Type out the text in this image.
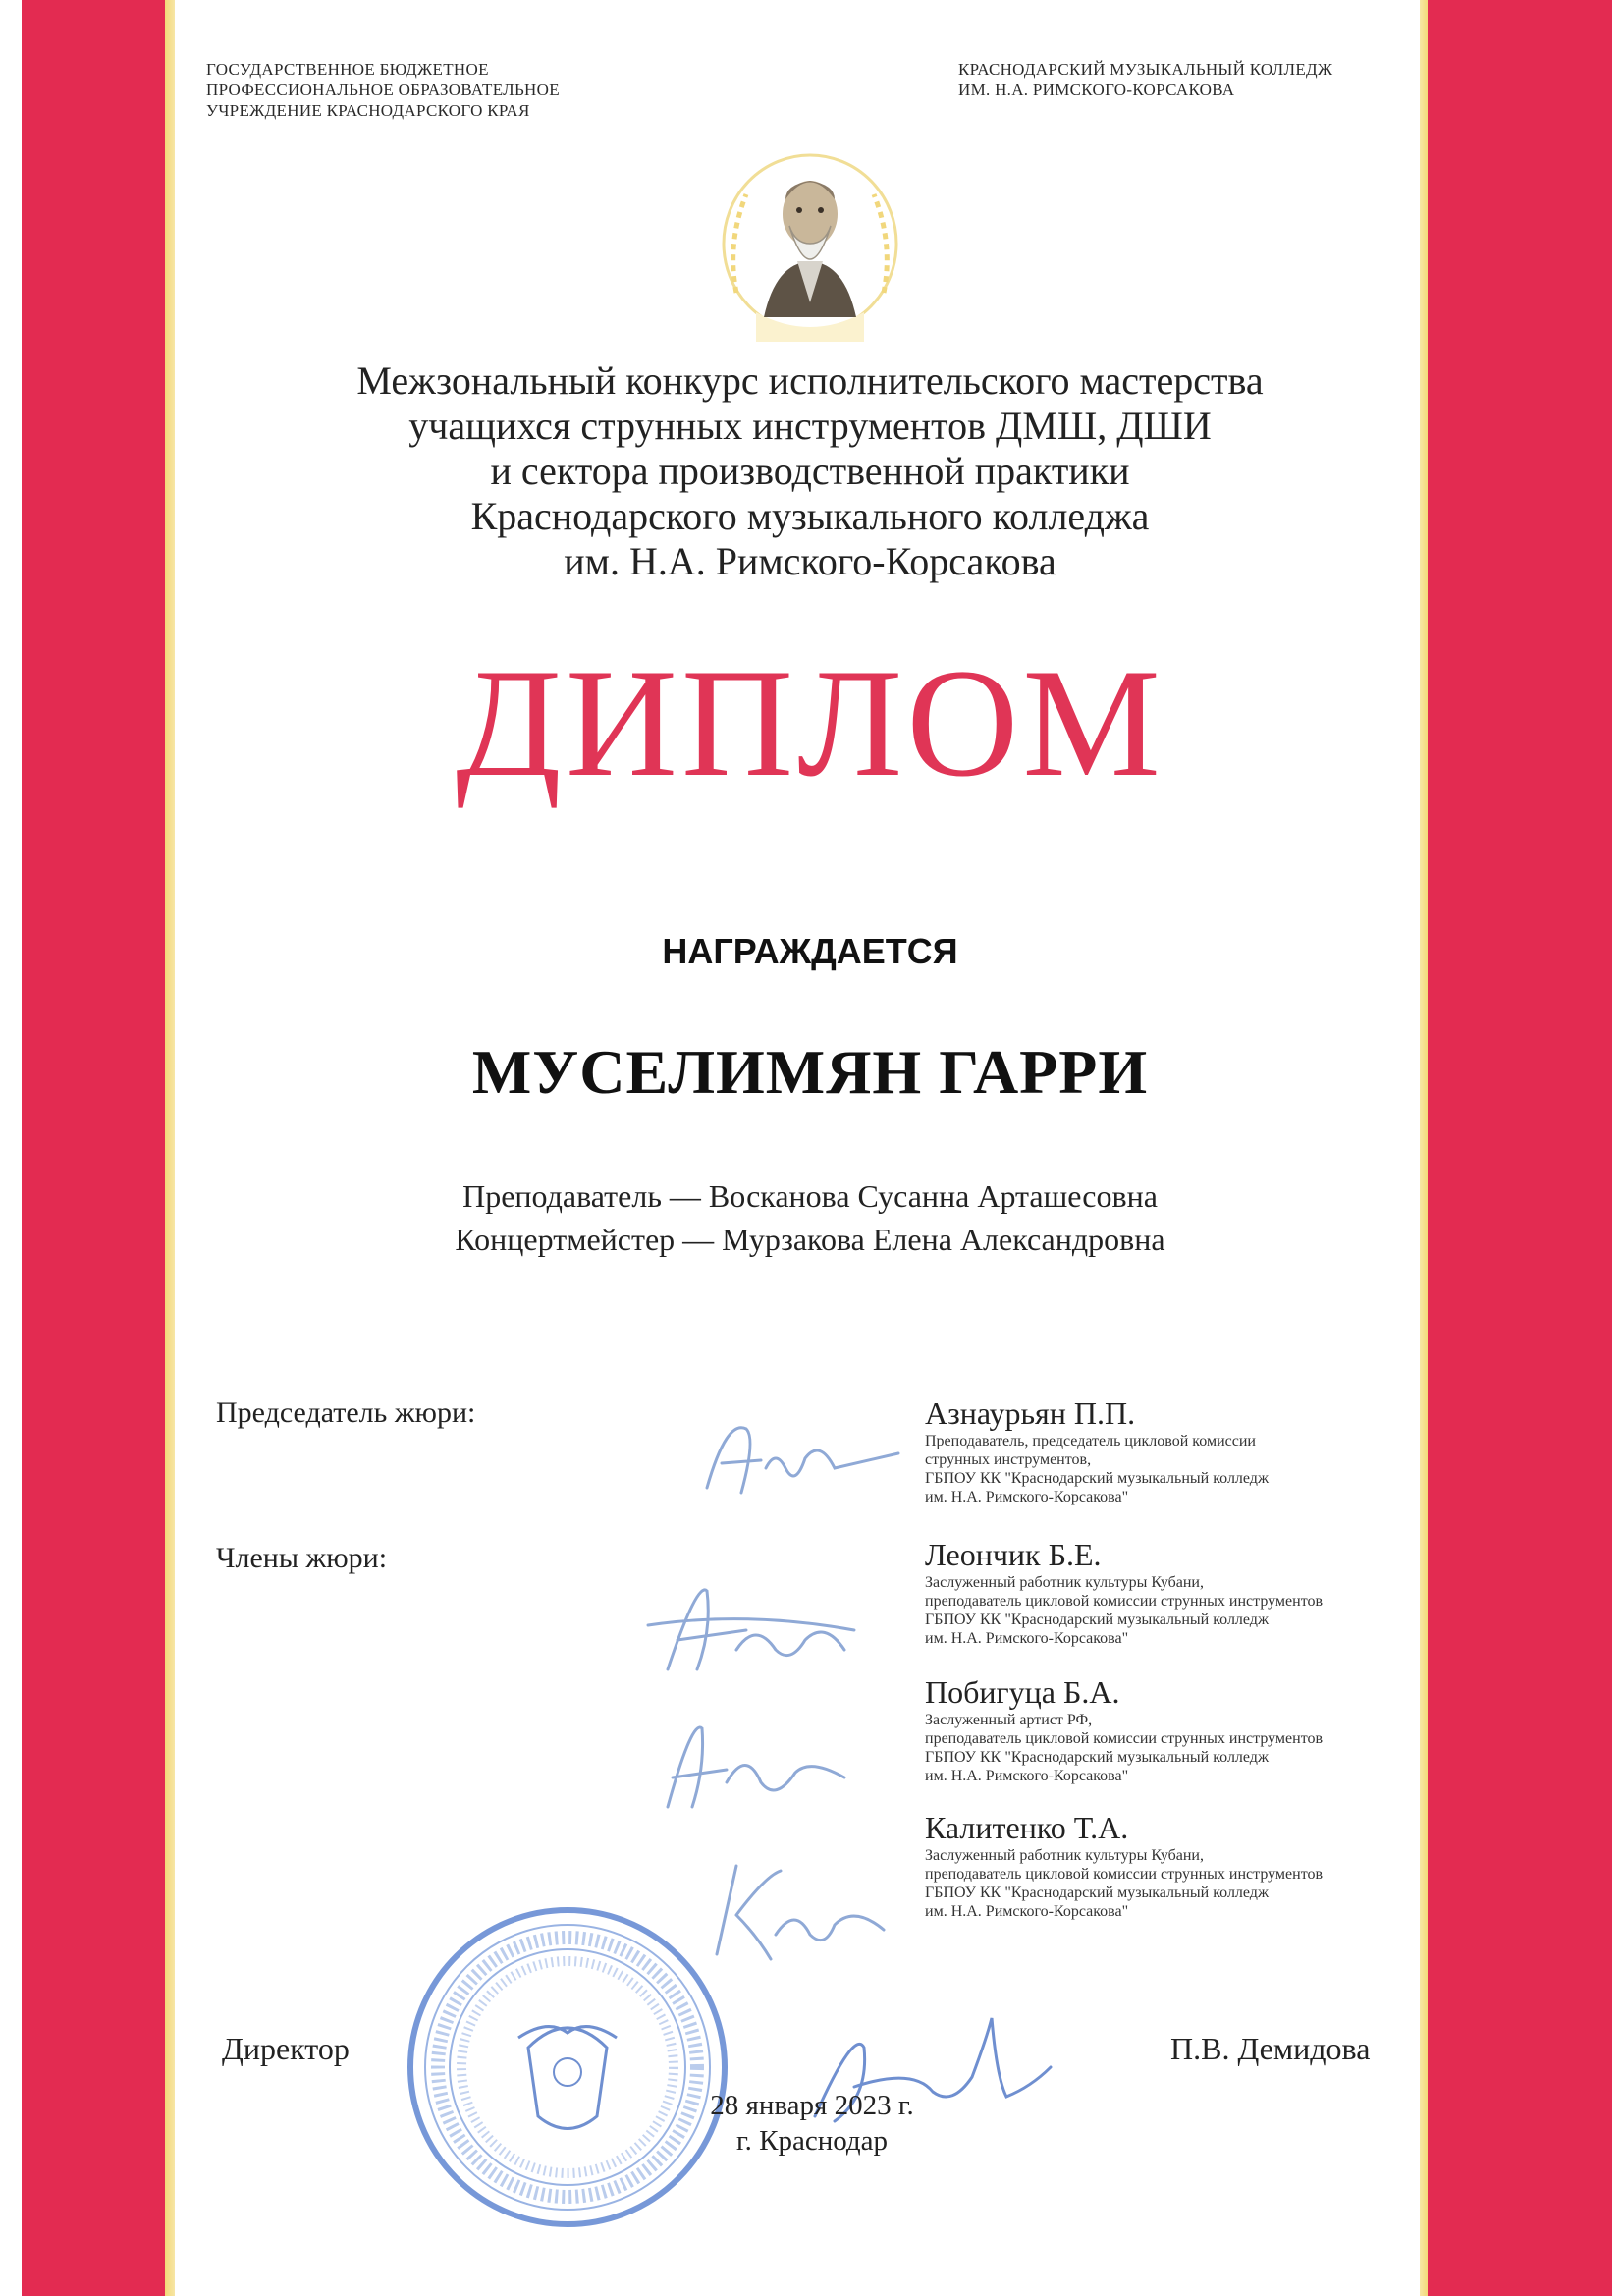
ГОСУДАРСТВЕННОЕ БЮДЖЕТНОЕ
ПРОФЕССИОНАЛЬНОЕ ОБРАЗОВАТЕЛЬНОЕ
УЧРЕЖДЕНИЕ КРАСНОДАРСКОГО КРАЯ
КРАСНОДАРСКИЙ МУЗЫКАЛЬНЫЙ КОЛЛЕДЖ
ИМ. Н.А. РИМСКОГО-КОРСАКОВА
Межзональный конкурс исполнительского мастерства
учащихся струнных инструментов ДМШ, ДШИ
и сектора производственной практики
Краснодарского музыкального колледжа
им. Н.А. Римского-Корсакова
ДИПЛОМ
НАГРАЖДАЕТСЯ
МУСЕЛИМЯН ГАРРИ
Преподаватель — Восканова Сусанна Арташесовна
Концертмейстер — Мурзакова Елена Александровна
Председатель жюри:
Члены жюри:
Азнаурьян П.П.
Преподаватель, председатель цикловой комиссии
струнных инструментов,
ГБПОУ КК "Краснодарский музыкальный колледж
им. Н.А. Римского-Корсакова"
Леончик Б.Е.
Заслуженный работник культуры Кубани,
преподаватель цикловой комиссии струнных инструментов
ГБПОУ КК "Краснодарский музыкальный колледж
им. Н.А. Римского-Корсакова"
Побигуца Б.А.
Заслуженный артист РФ,
преподаватель цикловой комиссии струнных инструментов
ГБПОУ КК "Краснодарский музыкальный колледж
им. Н.А. Римского-Корсакова"
Калитенко Т.А.
Заслуженный работник культуры Кубани,
преподаватель цикловой комиссии струнных инструментов
ГБПОУ КК "Краснодарский музыкальный колледж
им. Н.А. Римского-Корсакова"
Директор	П.В. Демидова
28 января 2023 г.
г. Краснодар
